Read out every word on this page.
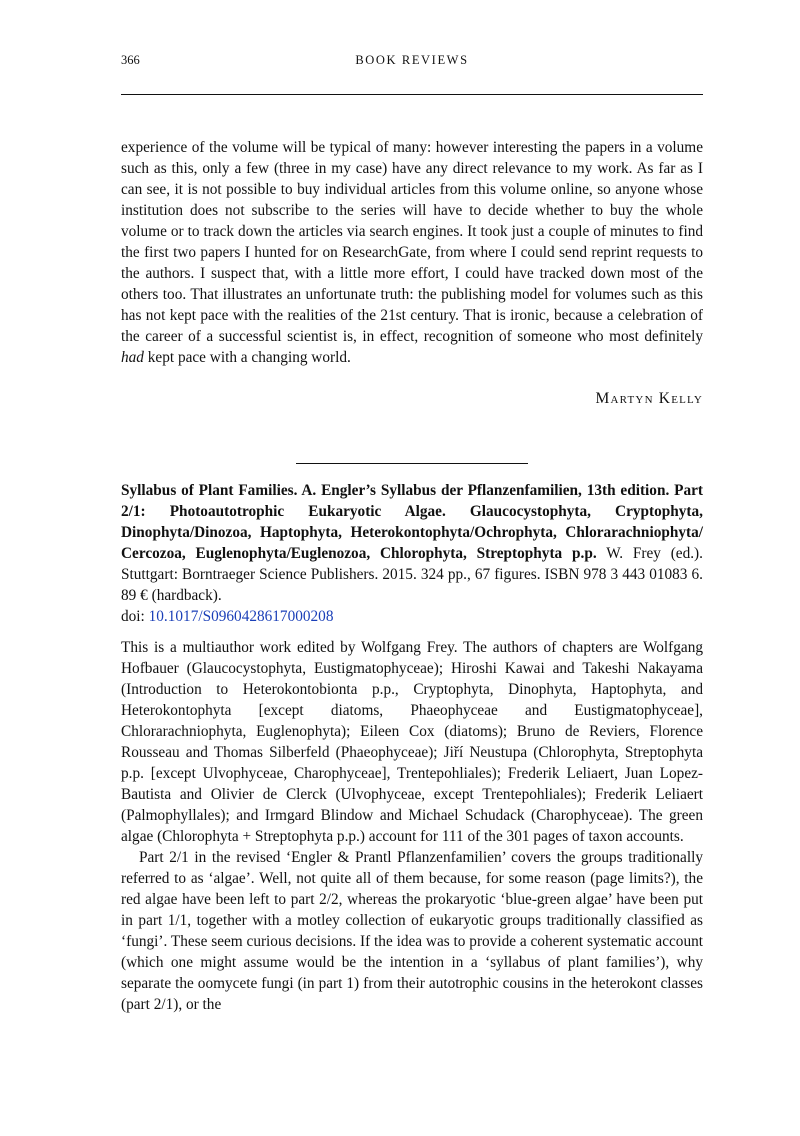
366	BOOK REVIEWS

experience of the volume will be typical of many: however interesting the papers in a volume such as this, only a few (three in my case) have any direct relevance to my work. As far as I can see, it is not possible to buy individual articles from this volume online, so anyone whose institution does not subscribe to the series will have to decide whether to buy the whole volume or to track down the articles via search engines. It took just a couple of minutes to find the first two papers I hunted for on ResearchGate, from where I could send reprint requests to the authors. I suspect that, with a little more effort, I could have tracked down most of the others too. That illustrates an unfortunate truth: the publishing model for volumes such as this has not kept pace with the realities of the 21st century. That is ironic, because a celebration of the career of a successful scientist is, in effect, recognition of someone who most definitely had kept pace with a changing world.

Martyn Kelly

Syllabus of Plant Families. A. Engler’s Syllabus der Pflanzenfamilien, 13th edition. Part 2/1: Photoautotrophic Eukaryotic Algae. Glaucocystophyta, Cryptophyta, Dinophyta/Dinozoa, Haptophyta, Heterokontophyta/Ochrophyta, Chlorarachniophyta/ Cercozoa, Euglenophyta/Euglenozoa, Chlorophyta, Streptophyta p.p. W. Frey (ed.). Stuttgart: Borntraeger Science Publishers. 2015. 324 pp., 67 figures. ISBN 978 3 443 01083 6. 89 € (hardback).
doi: 10.1017/S0960428617000208

This is a multiauthor work edited by Wolfgang Frey. The authors of chapters are Wolfgang Hofbauer (Glaucocystophyta, Eustigmatophyceae); Hiroshi Kawai and Takeshi Nakayama (Introduction to Heterokontobionta p.p., Cryptophyta, Dinophyta, Haptophyta, and Heterokontophyta [except diatoms, Phaeophyceae and Eustigmatophyceae], Chlorarachniophyta, Euglenophyta); Eileen Cox (diatoms); Bruno de Reviers, Florence Rousseau and Thomas Silberfeld (Phaeophyceae); Jiří Neustupa (Chlorophyta, Streptophyta p.p. [except Ulvophyceae, Charophyceae], Trentepohliales); Frederik Leliaert, Juan Lopez-Bautista and Olivier de Clerck (Ulvophyceae, except Trentepohliales); Frederik Leliaert (Palmophyllales); and Irmgard Blindow and Michael Schudack (Charophyceae). The green algae (Chlorophyta + Streptophyta p.p.) account for 111 of the 301 pages of taxon accounts.

Part 2/1 in the revised ‘Engler & Prantl Pflanzenfamilien’ covers the groups traditionally referred to as ‘algae’. Well, not quite all of them because, for some reason (page limits?), the red algae have been left to part 2/2, whereas the prokaryotic ‘blue-green algae’ have been put in part 1/1, together with a motley collection of eukaryotic groups traditionally classified as ‘fungi’. These seem curious decisions. If the idea was to provide a coherent systematic account (which one might assume would be the intention in a ‘syllabus of plant families’), why separate the oomycete fungi (in part 1) from their autotrophic cousins in the heterokont classes (part 2/1), or the
